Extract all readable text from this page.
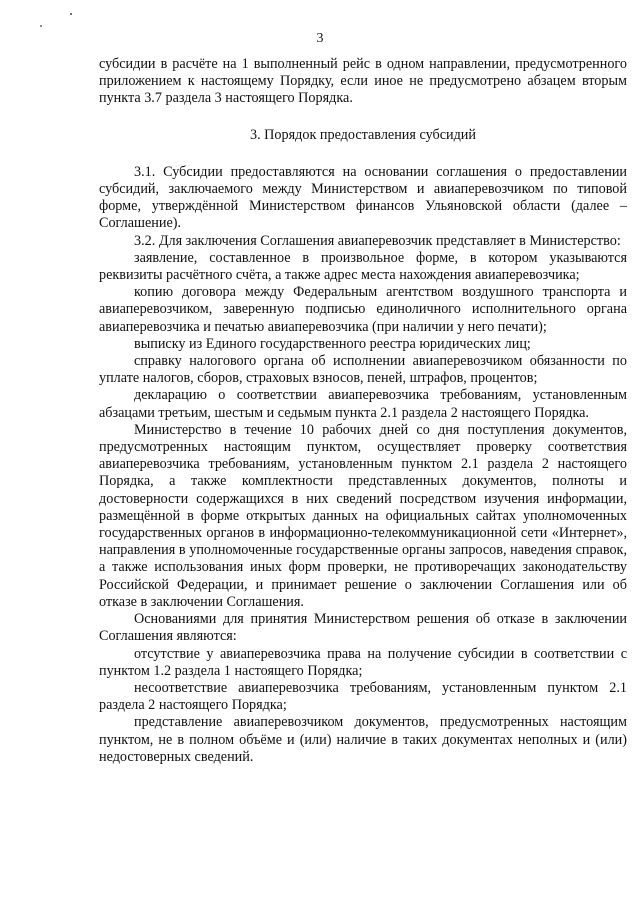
3

субсидии в расчёте на 1 выполненный рейс в одном направлении, предусмотренного приложением к настоящему Порядку, если иное не предусмотрено абзацем вторым пункта 3.7 раздела 3 настоящего Порядка.

3. Порядок предоставления субсидий

3.1. Субсидии предоставляются на основании соглашения о предоставлении субсидий, заключаемого между Министерством и авиаперевозчиком по типовой форме, утверждённой Министерством финансов Ульяновской области (далее – Соглашение).

3.2. Для заключения Соглашения авиаперевозчик представляет в Министерство:

заявление, составленное в произвольное форме, в котором указываются реквизиты расчётного счёта, а также адрес места нахождения авиаперевозчика;

копию договора между Федеральным агентством воздушного транспорта и авиаперевозчиком, заверенную подписью единоличного исполнительного органа авиаперевозчика и печатью авиаперевозчика (при наличии у него печати);

выписку из Единого государственного реестра юридических лиц;

справку налогового органа об исполнении авиаперевозчиком обязанности по уплате налогов, сборов, страховых взносов, пеней, штрафов, процентов;

декларацию о соответствии авиаперевозчика требованиям, установленным абзацами третьим, шестым и седьмым пункта 2.1 раздела 2 настоящего Порядка.

Министерство в течение 10 рабочих дней со дня поступления документов, предусмотренных настоящим пунктом, осуществляет проверку соответствия авиаперевозчика требованиям, установленным пунктом 2.1 раздела 2 настоящего Порядка, а также комплектности представленных документов, полноты и достоверности содержащихся в них сведений посредством изучения информации, размещённой в форме открытых данных на официальных сайтах уполномоченных государственных органов в информационно-телекоммуникационной сети «Интернет», направления в уполномоченные государственные органы запросов, наведения справок, а также использования иных форм проверки, не противоречащих законодательству Российской Федерации, и принимает решение о заключении Соглашения или об отказе в заключении Соглашения.

Основаниями для принятия Министерством решения об отказе в заключении Соглашения являются:

отсутствие у авиаперевозчика права на получение субсидии в соответствии с пунктом 1.2 раздела 1 настоящего Порядка;

несоответствие авиаперевозчика требованиям, установленным пунктом 2.1 раздела 2 настоящего Порядка;

представление авиаперевозчиком документов, предусмотренных настоящим пунктом, не в полном объёме и (или) наличие в таких документах неполных и (или) недостоверных сведений.
